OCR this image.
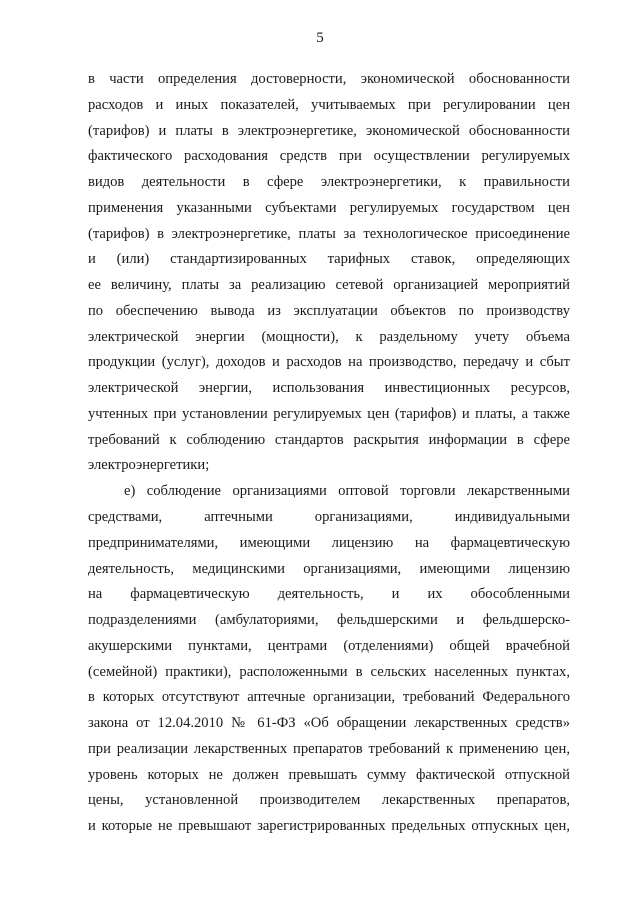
5
в части определения достоверности, экономической обоснованности
расходов и иных показателей, учитываемых при регулировании цен
(тарифов) и платы в электроэнергетике, экономической обоснованности
фактического расходования средств при осуществлении регулируемых
видов деятельности в сфере электроэнергетики, к правильности
применения указанными субъектами регулируемых государством цен
(тарифов) в электроэнергетике, платы за технологическое присоединение
и (или) стандартизированных тарифных ставок, определяющих
ее величину, платы за реализацию сетевой организацией мероприятий
по обеспечению вывода из эксплуатации объектов по производству
электрической энергии (мощности), к раздельному учету объема
продукции (услуг), доходов и расходов на производство, передачу и сбыт
электрической энергии, использования инвестиционных ресурсов,
учтенных при установлении регулируемых цен (тарифов) и платы, а также
требований к соблюдению стандартов раскрытия информации в сфере
электроэнергетики;
е) соблюдение организациями оптовой торговли лекарственными
средствами, аптечными организациями, индивидуальными
предпринимателями, имеющими лицензию на фармацевтическую
деятельность, медицинскими организациями, имеющими лицензию
на фармацевтическую деятельность, и их обособленными
подразделениями (амбулаториями, фельдшерскими и фельдшерско-
акушерскими пунктами, центрами (отделениями) общей врачебной
(семейной) практики), расположенными в сельских населенных пунктах,
в которых отсутствуют аптечные организации, требований Федерального
закона от 12.04.2010 № 61-ФЗ «Об обращении лекарственных средств»
при реализации лекарственных препаратов требований к применению цен,
уровень которых не должен превышать сумму фактической отпускной
цены, установленной производителем лекарственных препаратов,
и которые не превышают зарегистрированных предельных отпускных цен,
